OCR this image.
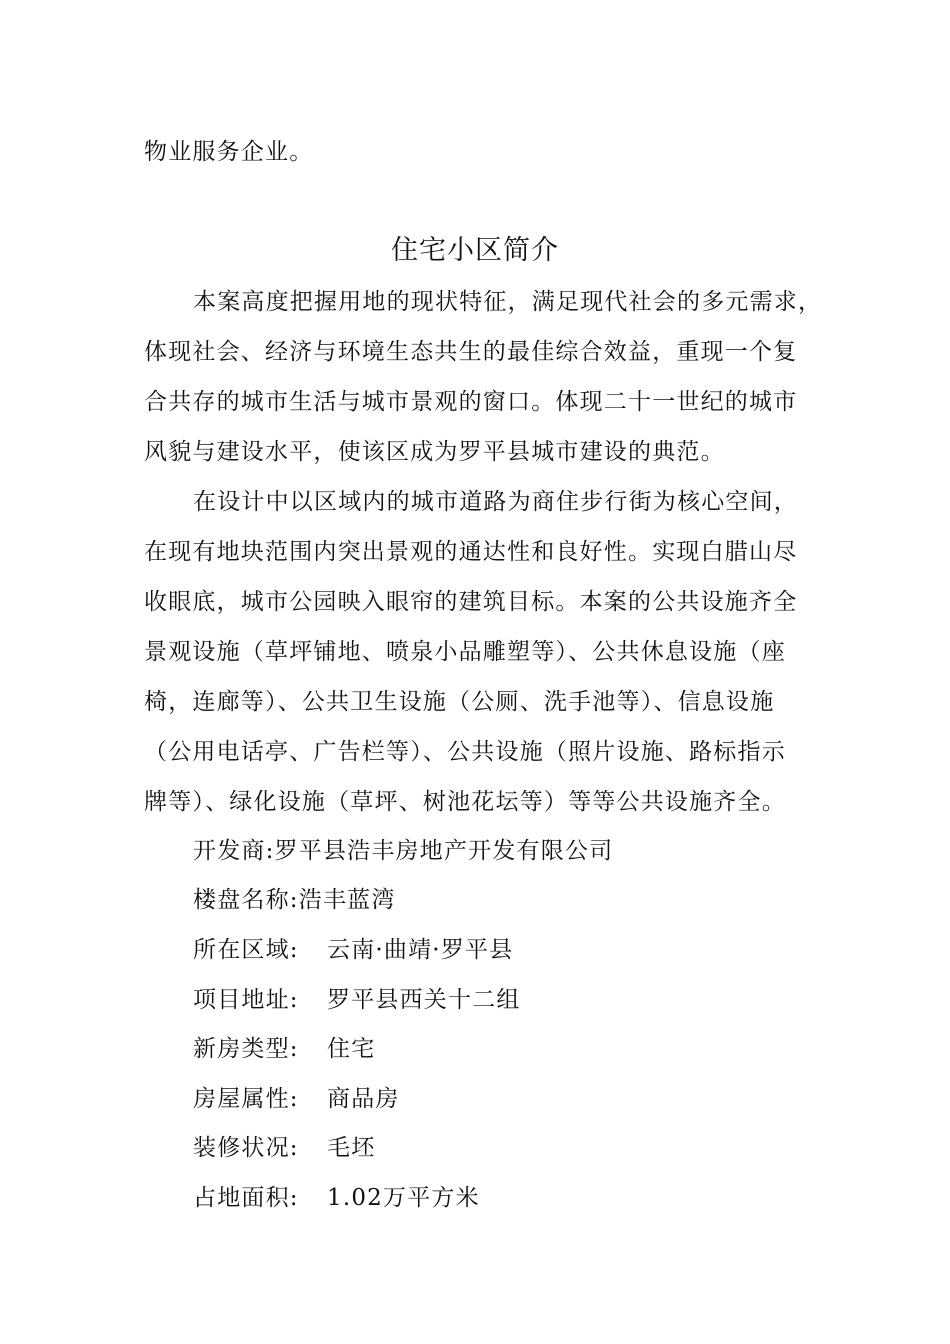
物业服务企业。
住宅小区简介
本案高度把握用地的现状特征，满足现代社会的多元需求，
体现社会、经济与环境生态共生的最佳综合效益，重现一个复
合共存的城市生活与城市景观的窗口。体现二十一世纪的城市
风貌与建设水平，使该区成为罗平县城市建设的典范。
在设计中以区域内的城市道路为商住步行街为核心空间，
在现有地块范围内突出景观的通达性和良好性。实现白腊山尽
收眼底，城市公园映入眼帘的建筑目标。本案的公共设施齐全
景观设施（草坪铺地、喷泉小品雕塑等）、公共休息设施（座
椅，连廊等）、公共卫生设施（公厕、洗手池等）、信息设施
（公用电话亭、广告栏等）、公共设施（照片设施、路标指示
牌等）、绿化设施（草坪、树池花坛等）等等公共设施齐全。
开发商:罗平县浩丰房地产开发有限公司
楼盘名称:浩丰蓝湾
所在区域: 云南·曲靖·罗平县
项目地址: 罗平县西关十二组
新房类型: 住宅
房屋属性: 商品房
装修状况: 毛坯
占地面积: 1.02万平方米
